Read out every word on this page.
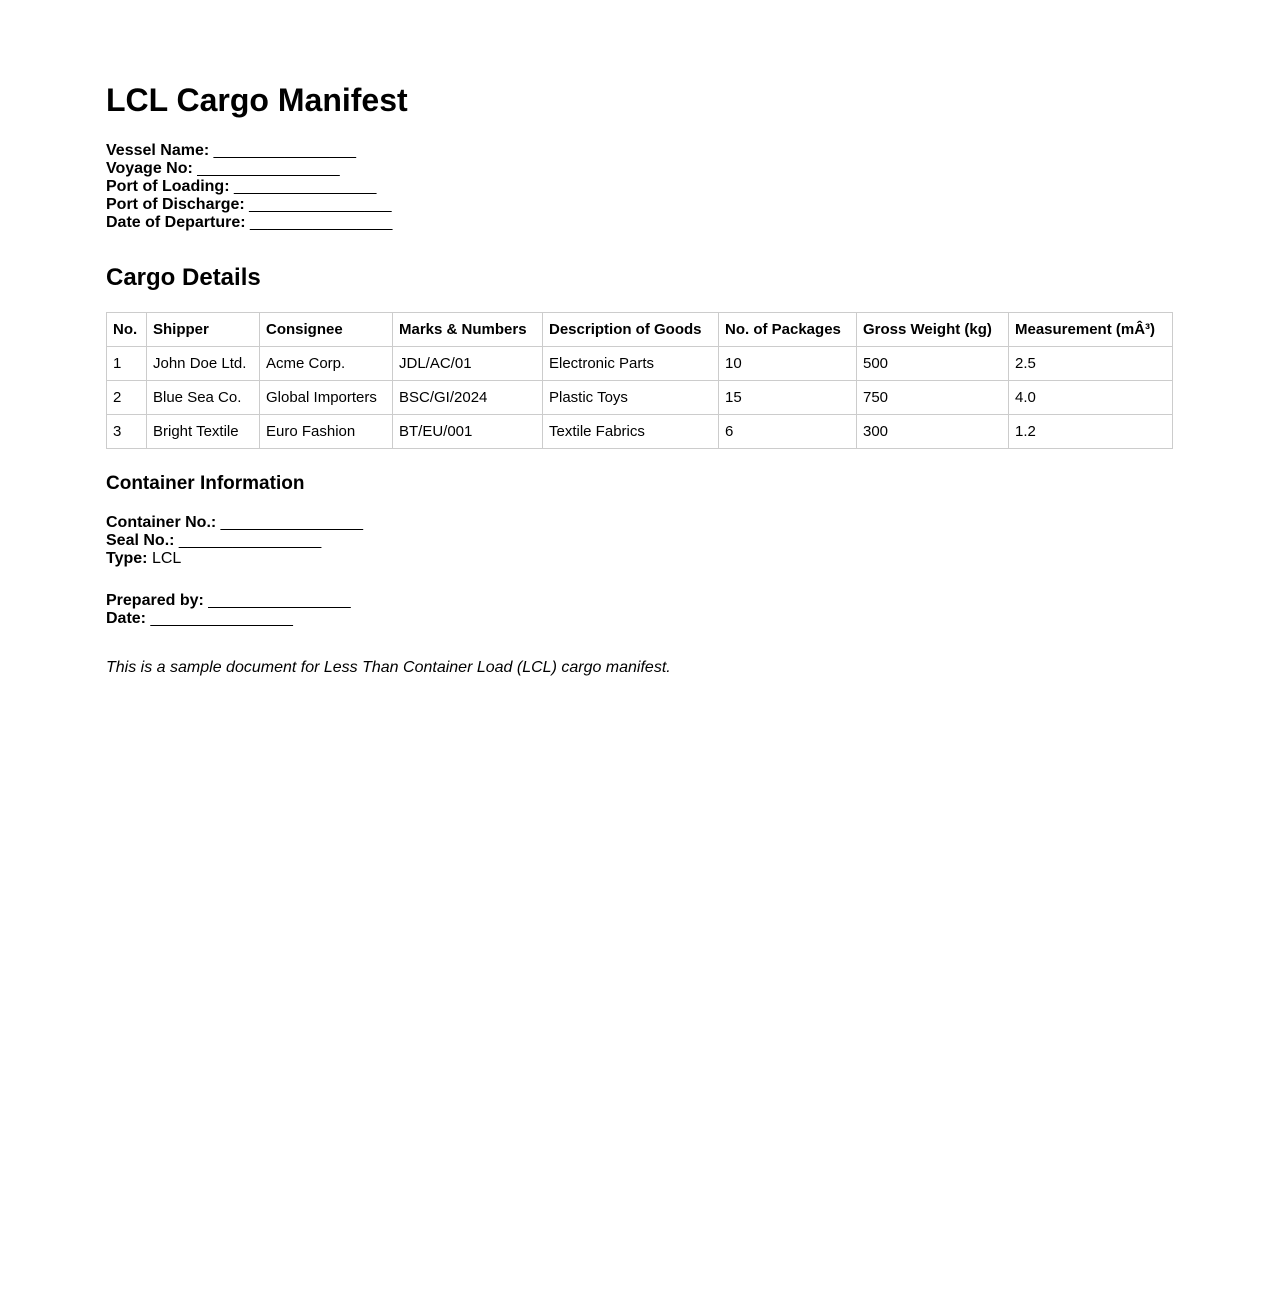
LCL Cargo Manifest
Vessel Name: ________________
Voyage No: ________________
Port of Loading: ________________
Port of Discharge: ________________
Date of Departure: ________________
Cargo Details
No.	Shipper	Consignee	Marks & Numbers	Description of Goods	No. of Packages	Gross Weight (kg)	Measurement (mÂ³)
1	John Doe Ltd.	Acme Corp.	JDL/AC/01	Electronic Parts	10	500	2.5
2	Blue Sea Co.	Global Importers	BSC/GI/2024	Plastic Toys	15	750	4.0
3	Bright Textile	Euro Fashion	BT/EU/001	Textile Fabrics	6	300	1.2
Container Information
Container No.: ________________
Seal No.: ________________
Type: LCL
Prepared by: ________________
Date: ________________
This is a sample document for Less Than Container Load (LCL) cargo manifest.
